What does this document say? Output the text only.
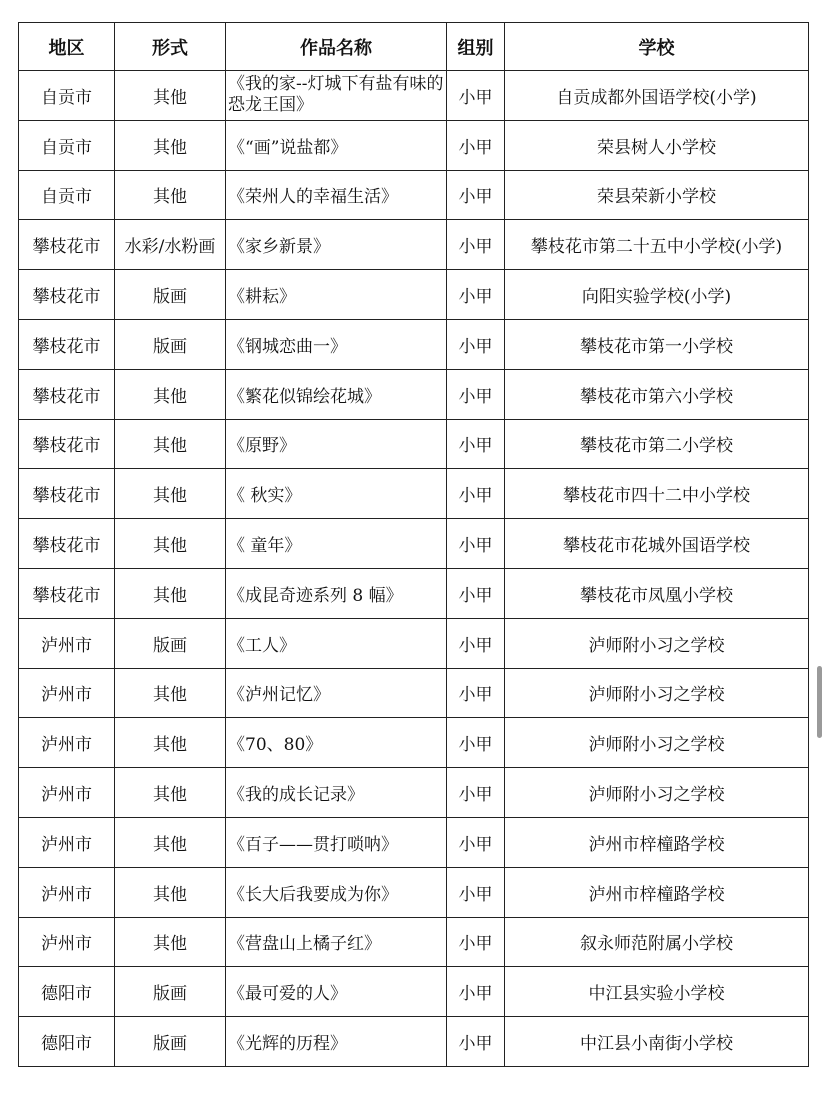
地区	形式	作品名称	组别	学校
自贡市	其他	《我的家--灯城下有盐有味的恐龙王国》	小甲	自贡成都外国语学校(小学)
自贡市	其他	《“画”说盐都》	小甲	荣县树人小学校
自贡市	其他	《荣州人的幸福生活》	小甲	荣县荣新小学校
攀枝花市	水彩/水粉画	《家乡新景》	小甲	攀枝花市第二十五中小学校(小学)
攀枝花市	版画	《耕耘》	小甲	向阳实验学校(小学)
攀枝花市	版画	《钢城恋曲一》	小甲	攀枝花市第一小学校
攀枝花市	其他	《繁花似锦绘花城》	小甲	攀枝花市第六小学校
攀枝花市	其他	《原野》	小甲	攀枝花市第二小学校
攀枝花市	其他	《 秋实》	小甲	攀枝花市四十二中小学校
攀枝花市	其他	《 童年》	小甲	攀枝花市花城外国语学校
攀枝花市	其他	《成昆奇迹系列 8 幅》	小甲	攀枝花市凤凰小学校
泸州市	版画	《工人》	小甲	泸师附小习之学校
泸州市	其他	《泸州记忆》	小甲	泸师附小习之学校
泸州市	其他	《70、80》	小甲	泸师附小习之学校
泸州市	其他	《我的成长记录》	小甲	泸师附小习之学校
泸州市	其他	《百子——贯打唢呐》	小甲	泸州市梓橦路学校
泸州市	其他	《长大后我要成为你》	小甲	泸州市梓橦路学校
泸州市	其他	《营盘山上橘子红》	小甲	叙永师范附属小学校
德阳市	版画	《最可爱的人》	小甲	中江县实验小学校
德阳市	版画	《光辉的历程》	小甲	中江县小南街小学校
